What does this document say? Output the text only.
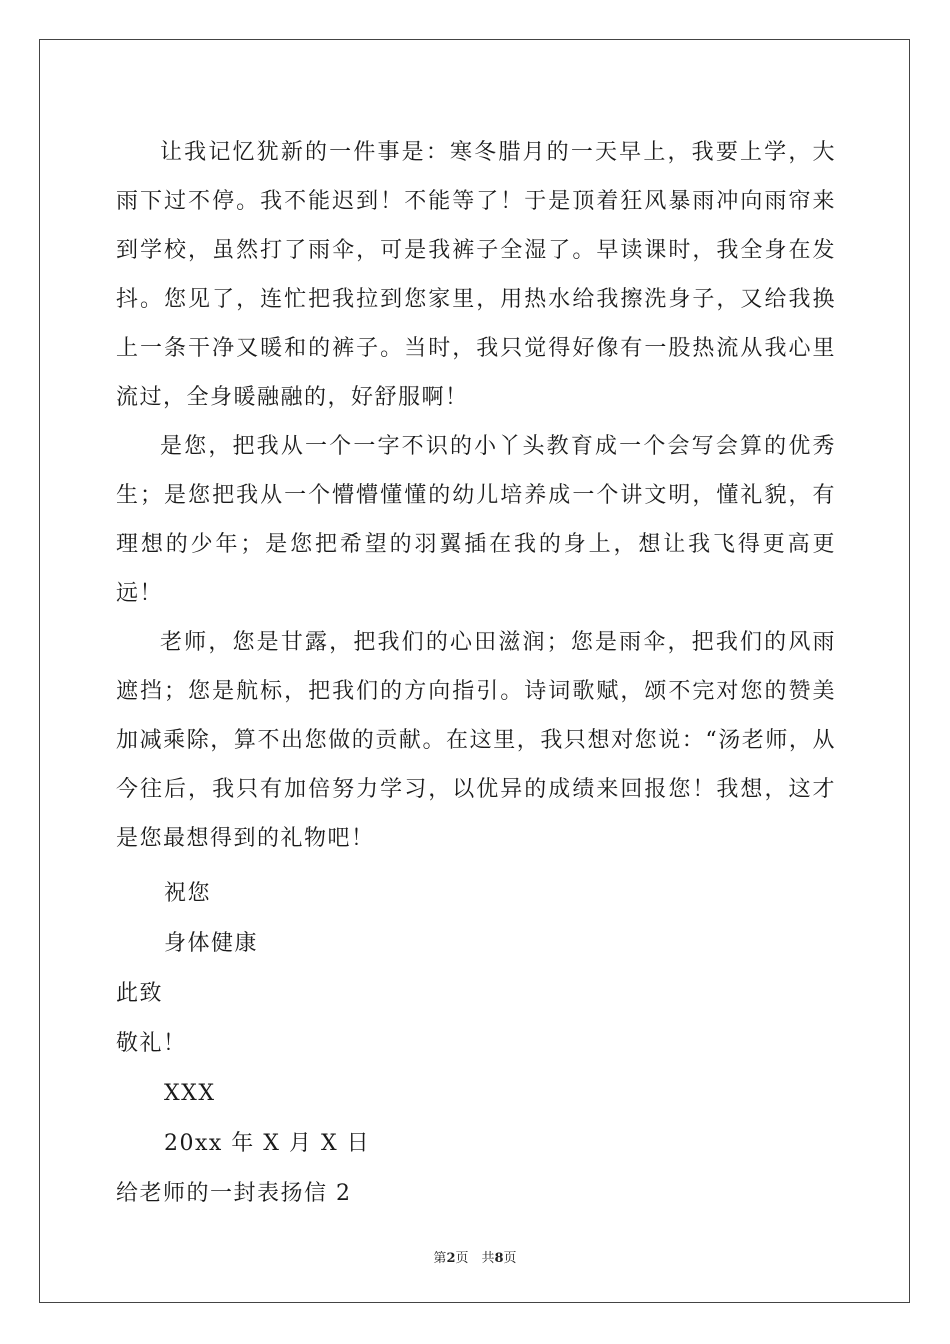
让我记忆犹新的一件事是：寒冬腊月的一天早上，我要上学，大雨下过不停。我不能迟到！不能等了！于是顶着狂风暴雨冲向雨帘来到学校，虽然打了雨伞，可是我裤子全湿了。早读课时，我全身在发抖。您见了，连忙把我拉到您家里，用热水给我擦洗身子，又给我换上一条干净又暖和的裤子。当时，我只觉得好像有一股热流从我心里流过，全身暖融融的，好舒服啊！

是您，把我从一个一字不识的小丫头教育成一个会写会算的优秀生；是您把我从一个懵懵懂懂的幼儿培养成一个讲文明，懂礼貌，有理想的少年；是您把希望的羽翼插在我的身上，想让我飞得更高更远！

老师，您是甘露，把我们的心田滋润；您是雨伞，把我们的风雨遮挡；您是航标，把我们的方向指引。诗词歌赋，颂不完对您的赞美加减乘除，算不出您做的贡献。在这里，我只想对您说：“汤老师，从今往后，我只有加倍努力学习，以优异的成绩来回报您！我想，这才是您最想得到的礼物吧！

祝您

身体健康

此致

敬礼！

XXX

20xx 年 X 月 X 日

给老师的一封表扬信 2

第2页　共8页
